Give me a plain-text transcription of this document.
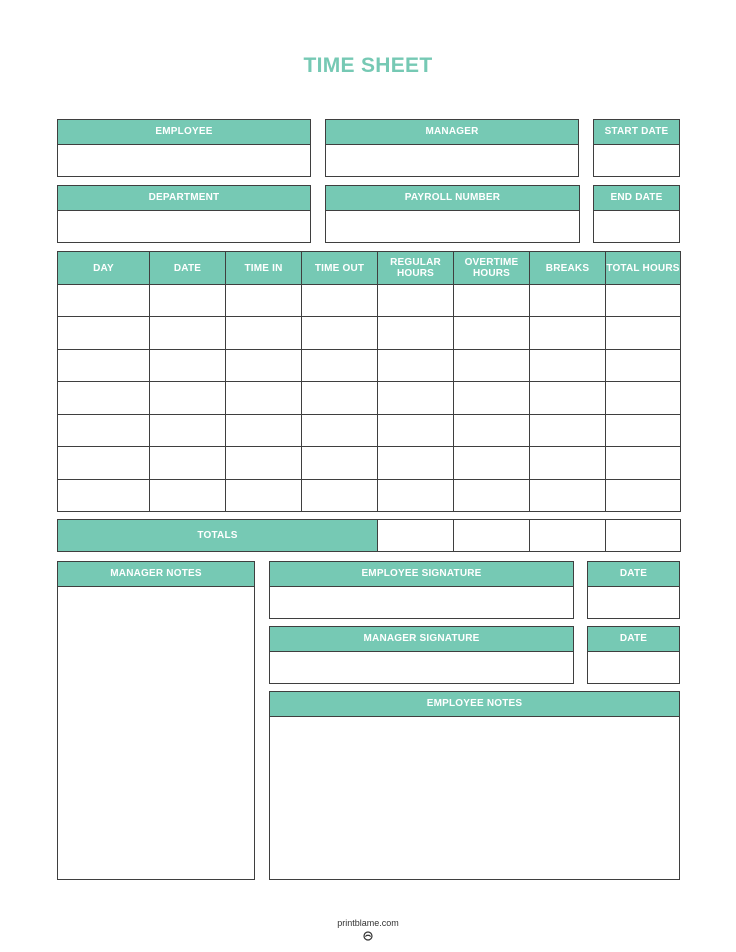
TIME SHEET
EMPLOYEE	MANAGER	START DATE
DEPARTMENT	PAYROLL NUMBER	END DATE
DAY	DATE	TIME IN	TIME OUT	REGULAR HOURS	OVERTIME HOURS	BREAKS	TOTAL HOURS

TOTALS				
MANAGER NOTES	EMPLOYEE SIGNATURE	DATE
MANAGER SIGNATURE	DATE
EMPLOYEE NOTES
printblame.com
